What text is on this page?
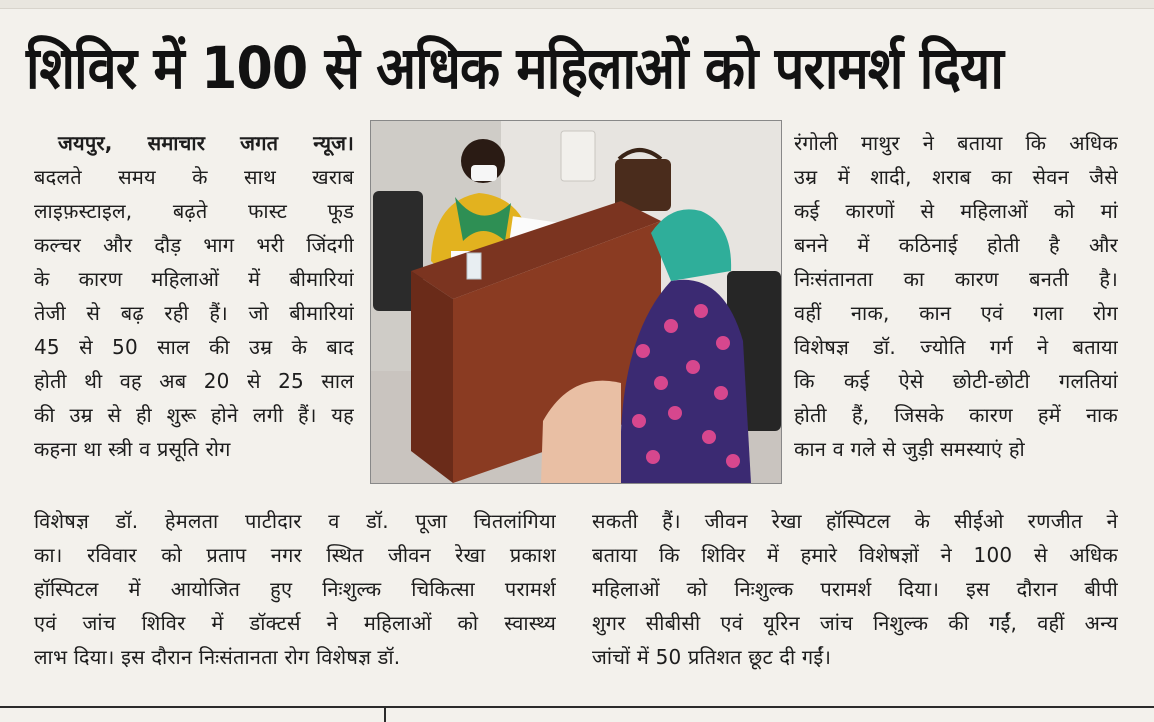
शिविर में 100 से अधिक महिलाओं को परामर्श दिया
जयपुर, समाचार जगत न्यूज।
बदलते समय के साथ खराब
लाइफ़स्टाइल, बढ़ते फास्ट फूड
कल्चर और दौड़ भाग भरी जिंदगी
के कारण महिलाओं में बीमारियां
तेजी से बढ़ रही हैं। जो बीमारियां
45 से 50 साल की उम्र के बाद
होती थी वह अब 20 से 25 साल
की उम्र से ही शुरू होने लगी हैं। यह
कहना था स्त्री व प्रसूति रोग
रंगोली माथुर ने बताया कि अधिक
उम्र में शादी, शराब का सेवन जैसे
कई कारणों से महिलाओं को मां
बनने में कठिनाई होती है और
निःसंतानता का कारण बनती है।
वहीं नाक, कान एवं गला रोग
विशेषज्ञ डॉ. ज्योति गर्ग ने बताया
कि कई ऐसे छोटी-छोटी गलतियां
होती हैं, जिसके कारण हमें नाक
कान व गले से जुड़ी समस्याएं हो
विशेषज्ञ डॉ. हेमलता पाटीदार व डॉ. पूजा चितलांगिया
का। रविवार को प्रताप नगर स्थित जीवन रेखा प्रकाश
हॉस्पिटल में आयोजित हुए निःशुल्क चिकित्सा परामर्श
एवं जांच शिविर में डॉक्टर्स ने महिलाओं को स्वास्थ्य
लाभ दिया। इस दौरान निःसंतानता रोग विशेषज्ञ डॉ.
सकती हैं। जीवन रेखा हॉस्पिटल के सीईओ रणजीत ने
बताया कि शिविर में हमारे विशेषज्ञों ने 100 से अधिक
महिलाओं को निःशुल्क परामर्श दिया। इस दौरान बीपी
शुगर सीबीसी एवं यूरिन जांच निशुल्क की गईं, वहीं अन्य
जांचों में 50 प्रतिशत छूट दी गईं।
